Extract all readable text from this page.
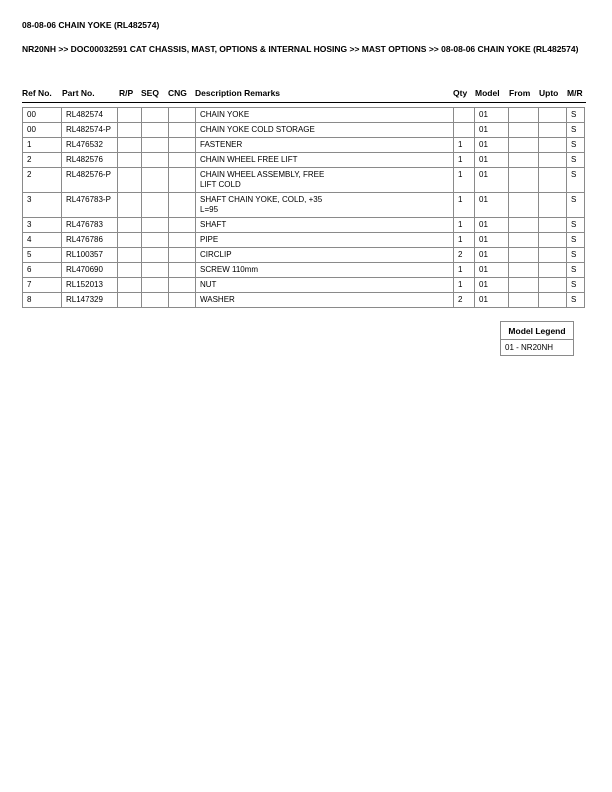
08-08-06 CHAIN YOKE (RL482574)
NR20NH >> DOC00032591 CAT CHASSIS, MAST, OPTIONS & INTERNAL HOSING >> MAST OPTIONS >> 08-08-06 CHAIN YOKE (RL482574)
Ref No. Part No.	R/P SEQ CNG Description Remarks	Qty Model From Upto M/R
00	RL482574				CHAIN YOKE		01			S
00	RL482574-P				CHAIN YOKE COLD STORAGE		01			S
1	RL476532				FASTENER	1	01			S
2	RL482576				CHAIN WHEEL FREE LIFT	1	01			S
2	RL482576-P				CHAIN WHEEL ASSEMBLY, FREE
LIFT COLD	1	01			S
3	RL476783-P				SHAFT CHAIN YOKE, COLD, +35
L=95	1	01			S
3	RL476783				SHAFT	1	01			S
4	RL476786				PIPE	1	01			S
5	RL100357				CIRCLIP	2	01			S
6	RL470690				SCREW 110mm	1	01			S
7	RL152013				NUT	1	01			S
8	RL147329				WASHER	2	01			S
Model Legend
01 - NR20NH
